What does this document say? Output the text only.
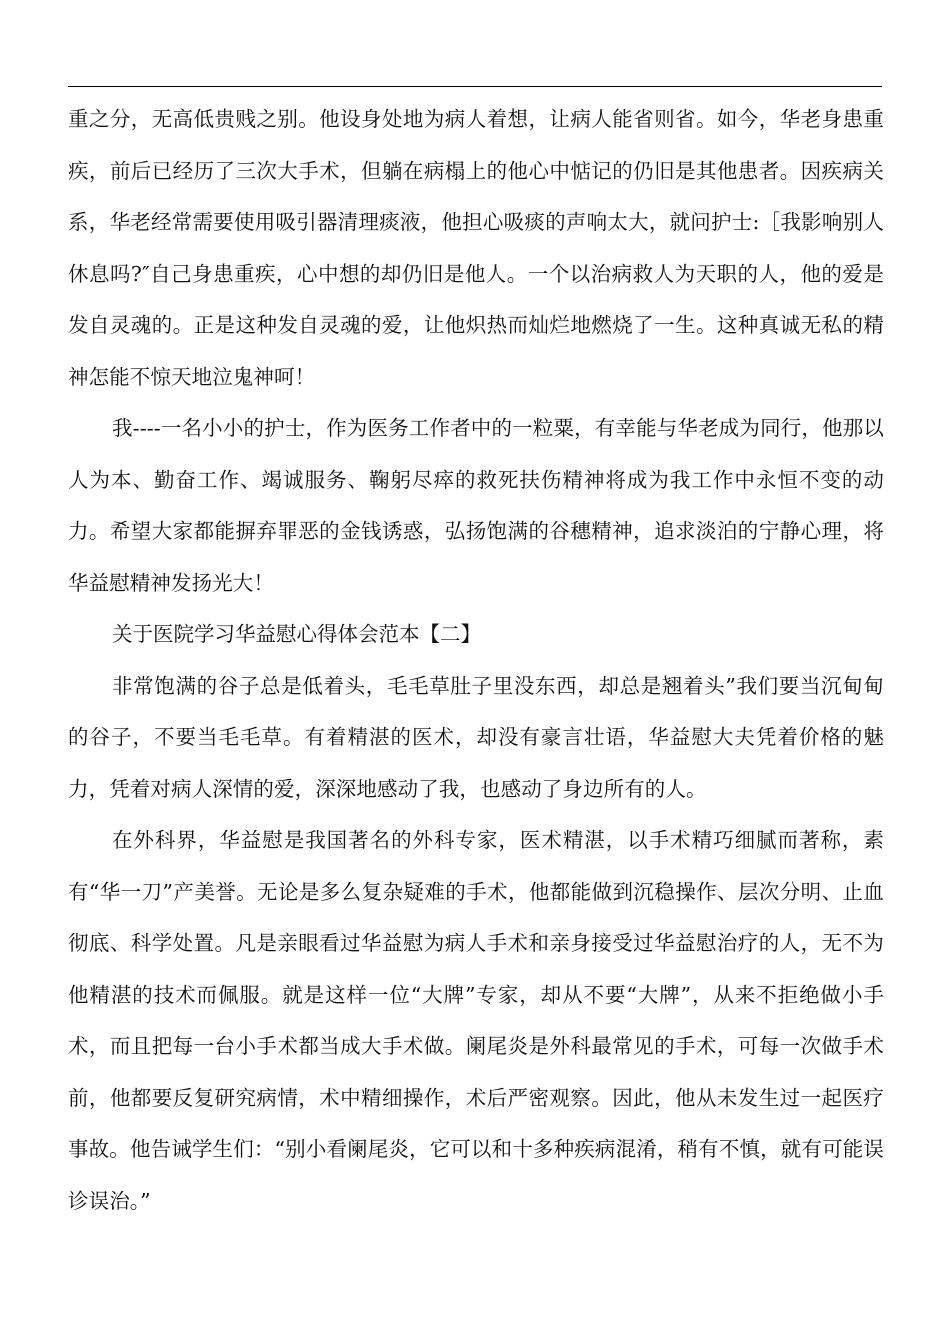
重之分，无高低贵贱之别。他设身处地为病人着想，让病人能省则省。如今，华老身患重疾，前后已经历了三次大手术，但躺在病榻上的他心中惦记的仍旧是其他患者。因疾病关系，华老经常需要使用吸引器清理痰液，他担心吸痰的声响太大，就问护士:［我影响别人休息吗?″自己身患重疾，心中想的却仍旧是他人。一个以治病救人为天职的人，他的爱是发自灵魂的。正是这种发自灵魂的爱，让他炽热而灿烂地燃烧了一生。这种真诚无私的精神怎能不惊天地泣鬼神呵！

我----一名小小的护士，作为医务工作者中的一粒粟，有幸能与华老成为同行，他那以人为本、勤奋工作、竭诚服务、鞠躬尽瘁的救死扶伤精神将成为我工作中永恒不变的动力。希望大家都能摒弃罪恶的金钱诱惑，弘扬饱满的谷穗精神，追求淡泊的宁静心理，将华益慰精神发扬光大！

关于医院学习华益慰心得体会范本【二】

非常饱满的谷子总是低着头，毛毛草肚子里没东西，却总是翘着头”我们要当沉甸甸的谷子，不要当毛毛草。有着精湛的医术，却没有豪言壮语，华益慰大夫凭着价格的魅力，凭着对病人深情的爱，深深地感动了我，也感动了身边所有的人。

在外科界，华益慰是我国著名的外科专家，医术精湛，以手术精巧细腻而著称，素有“华一刀”产美誉。无论是多么复杂疑难的手术，他都能做到沉稳操作、层次分明、止血彻底、科学处置。凡是亲眼看过华益慰为病人手术和亲身接受过华益慰治疗的人，无不为他精湛的技术而佩服。就是这样一位“大牌”专家，却从不要“大牌”，从来不拒绝做小手术，而且把每一台小手术都当成大手术做。阑尾炎是外科最常见的手术，可每一次做手术前，他都要反复研究病情，术中精细操作，术后严密观察。因此，他从未发生过一起医疗事故。他告诫学生们：“别小看阑尾炎，它可以和十多种疾病混淆，稍有不慎，就有可能误诊误治。”
